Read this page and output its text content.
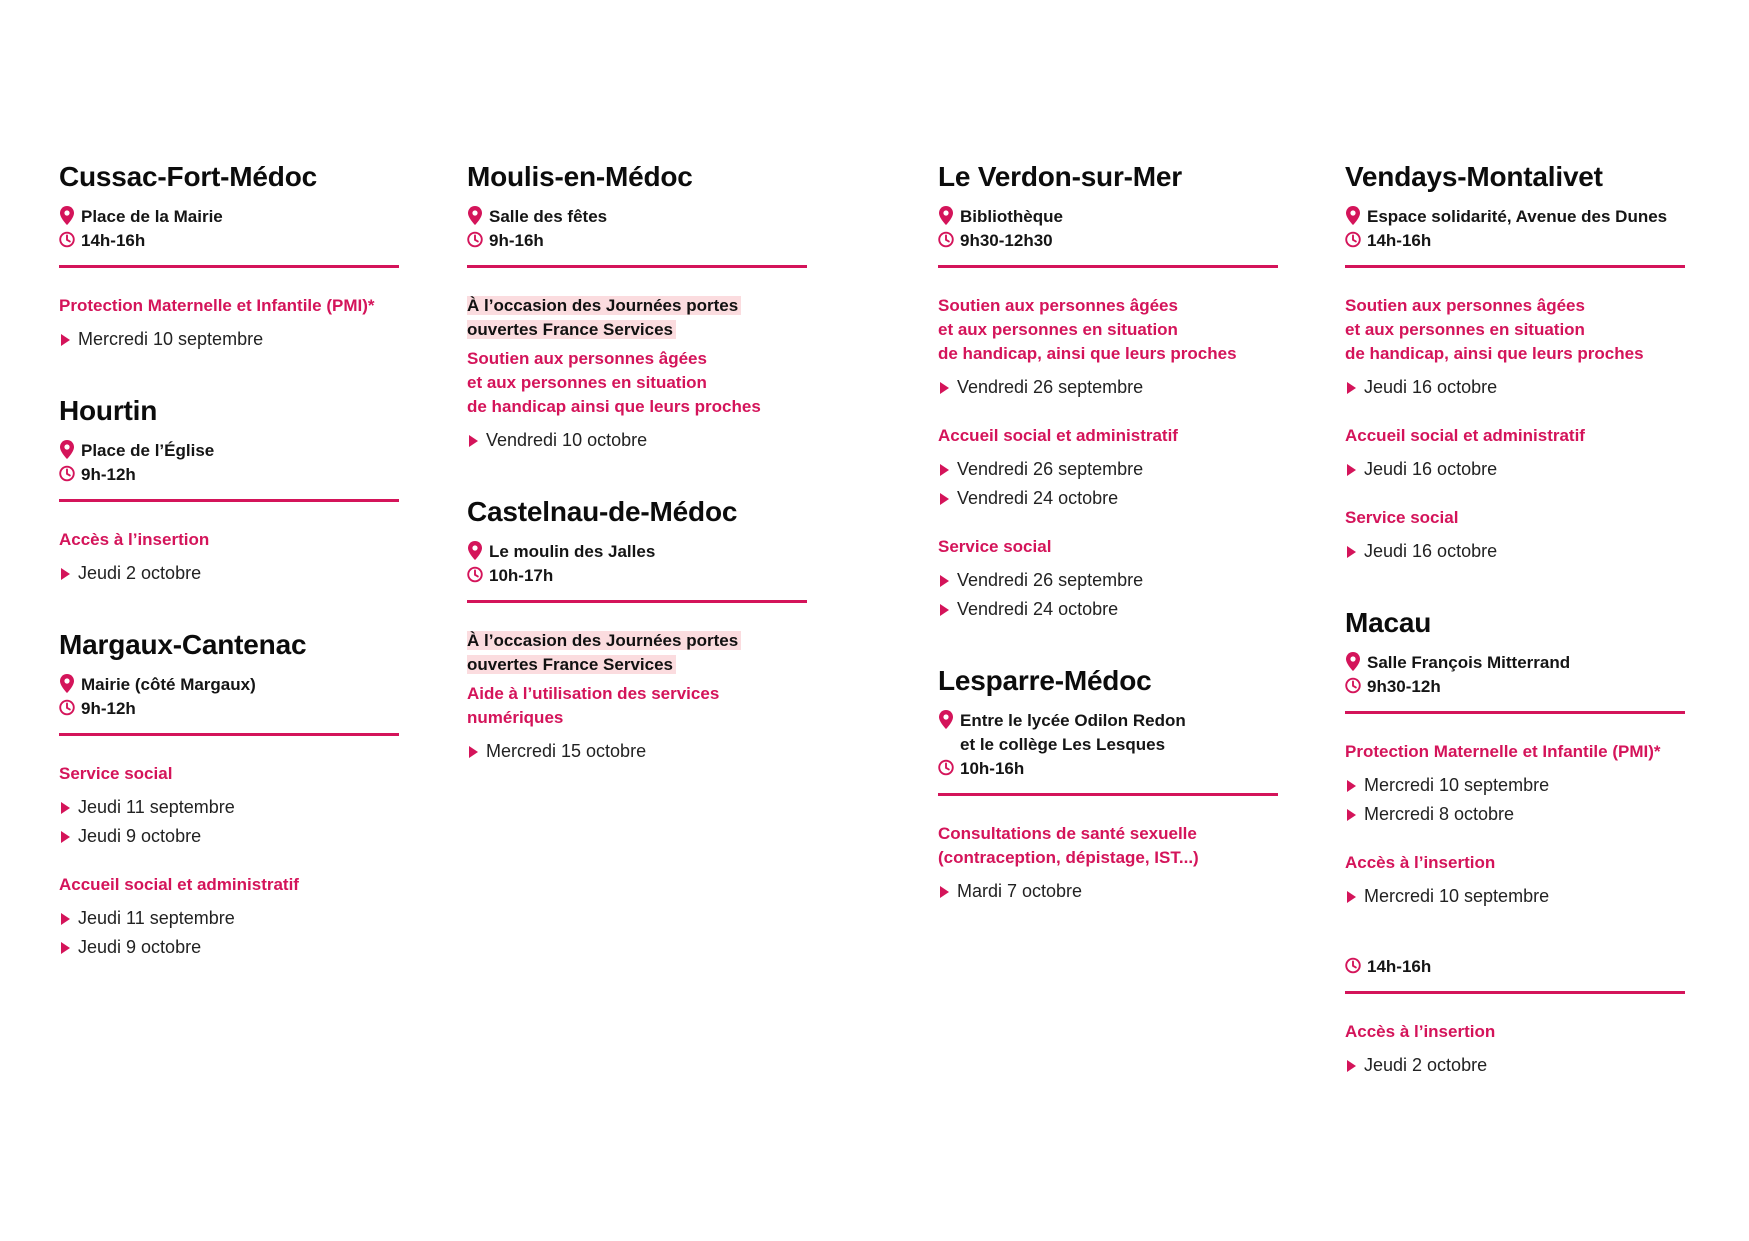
Cussac-Fort-Médoc
Place de la Mairie
14h-16h
Protection Maternelle et Infantile (PMI)*
Mercredi 10 septembre
Hourtin
Place de l’Église
9h-12h
Accès à l’insertion
Jeudi 2 octobre
Margaux-Cantenac
Mairie (côté Margaux)
9h-12h
Service social
Jeudi 11 septembre
Jeudi 9 octobre
Accueil social et administratif
Jeudi 11 septembre
Jeudi 9 octobre
Moulis-en-Médoc
Salle des fêtes
9h-16h
À l’occasion des Journées portes
ouvertes France Services
Soutien aux personnes âgées
et aux personnes en situation
de handicap ainsi que leurs proches
Vendredi 10 octobre
Castelnau-de-Médoc
Le moulin des Jalles
10h-17h
À l’occasion des Journées portes
ouvertes France Services
Aide à l’utilisation des services
numériques
Mercredi 15 octobre
Le Verdon-sur-Mer
Bibliothèque
9h30-12h30
Soutien aux personnes âgées
et aux personnes en situation
de handicap, ainsi que leurs proches
Vendredi 26 septembre
Accueil social et administratif
Vendredi 26 septembre
Vendredi 24 octobre
Service social
Vendredi 26 septembre
Vendredi 24 octobre
Lesparre-Médoc
Entre le lycée Odilon Redon
et le collège Les Lesques
10h-16h
Consultations de santé sexuelle
(contraception, dépistage, IST...)
Mardi 7 octobre
Vendays-Montalivet
Espace solidarité, Avenue des Dunes
14h-16h
Soutien aux personnes âgées
et aux personnes en situation
de handicap, ainsi que leurs proches
Jeudi 16 octobre
Accueil social et administratif
Jeudi 16 octobre
Service social
Jeudi 16 octobre
Macau
Salle François Mitterrand
9h30-12h
Protection Maternelle et Infantile (PMI)*
Mercredi 10 septembre
Mercredi 8 octobre
Accès à l’insertion
Mercredi 10 septembre
14h-16h
Accès à l’insertion
Jeudi 2 octobre
